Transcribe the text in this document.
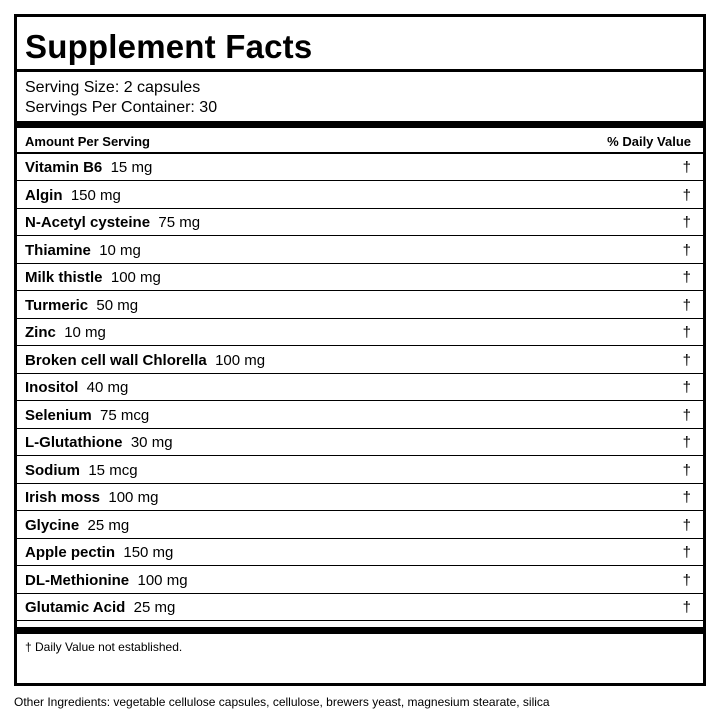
Supplement Facts
Serving Size: 2 capsules
Servings Per Container: 30
Amount Per Serving	% Daily Value
Vitamin B6 15 mg	†
Algin 150 mg	†
N-Acetyl cysteine 75 mg	†
Thiamine 10 mg	†
Milk thistle 100 mg	†
Turmeric 50 mg	†
Zinc 10 mg	†
Broken cell wall Chlorella 100 mg	†
Inositol 40 mg	†
Selenium 75 mcg	†
L-Glutathione 30 mg	†
Sodium 15 mcg	†
Irish moss 100 mg	†
Glycine 25 mg	†
Apple pectin 150 mg	†
DL-Methionine 100 mg	†
Glutamic Acid 25 mg	†
† Daily Value not established.
Other Ingredients: vegetable cellulose capsules, cellulose, brewers yeast, magnesium stearate, silica
